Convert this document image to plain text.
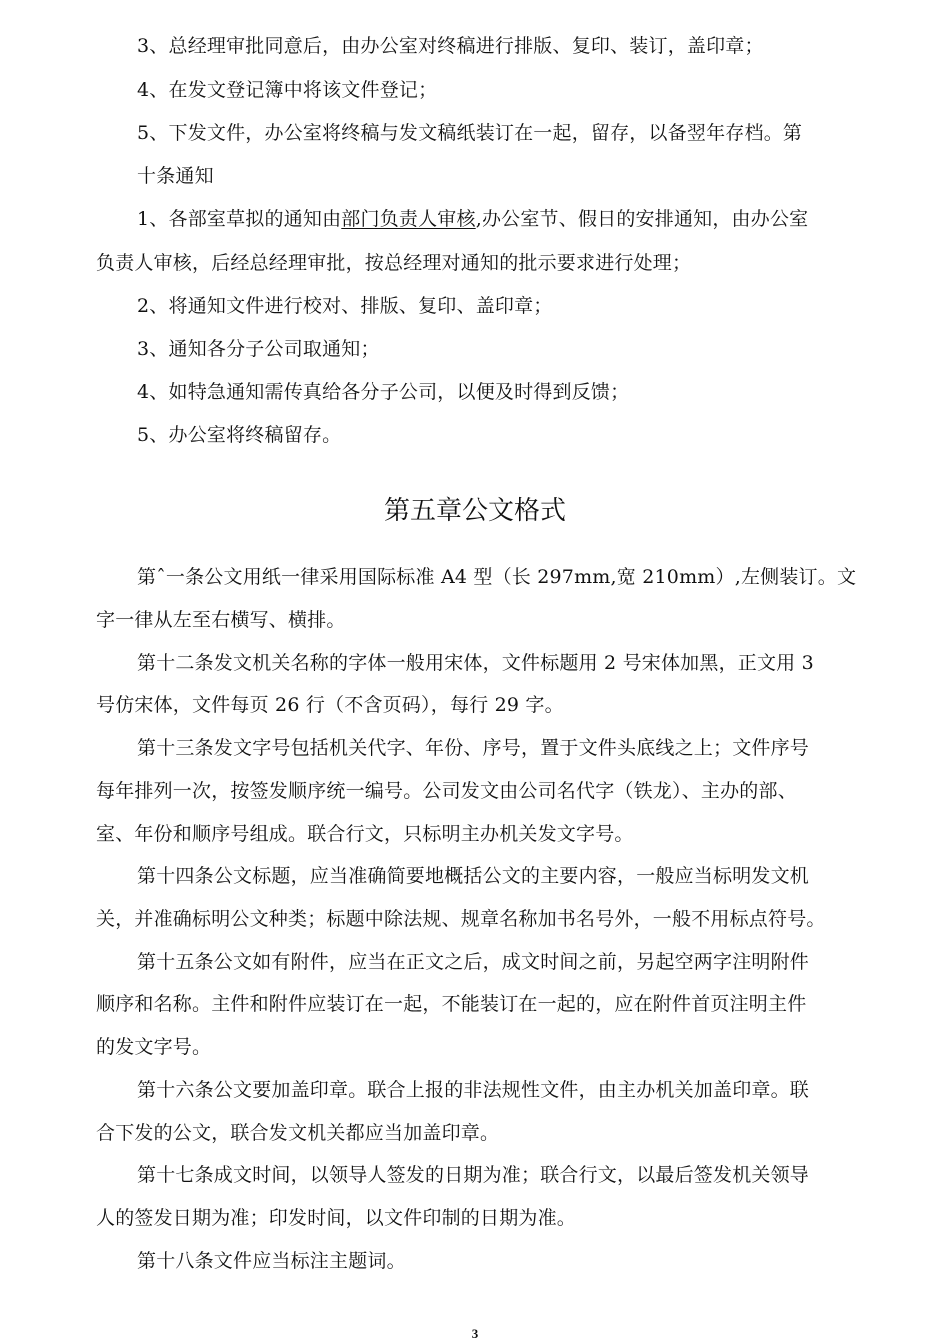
3、总经理审批同意后，由办公室对终稿进行排版、复印、装订，盖印章；
4、在发文登记簿中将该文件登记；
5、下发文件，办公室将终稿与发文稿纸装订在一起，留存，以备翌年存档。第
十条通知
1、各部室草拟的通知由部门负责人审核,办公室节、假日的安排通知，由办公室
负责人审核，后经总经理审批，按总经理对通知的批示要求进行处理；
2、将通知文件进行校对、排版、复印、盖印章；
3、通知各分子公司取通知；
4、如特急通知需传真给各分子公司，以便及时得到反馈；
5、办公室将终稿留存。
第五章公文格式
第ˆ一条公文用纸一律采用国际标准 A4 型（长 297mm,宽 210mm）,左侧装订。文
字一律从左至右横写、横排。
第十二条发文机关名称的字体一般用宋体，文件标题用 2 号宋体加黑，正文用 3
号仿宋体，文件每页 26 行（不含页码），每行 29 字。
第十三条发文字号包括机关代字、年份、序号，置于文件头底线之上；文件序号
每年排列一次，按签发顺序统一编号。公司发文由公司名代字（铁龙）、主办的部、
室、年份和顺序号组成。联合行文，只标明主办机关发文字号。
第十四条公文标题，应当准确简要地概括公文的主要内容，一般应当标明发文机
关，并准确标明公文种类；标题中除法规、规章名称加书名号外，一般不用标点符号。
第十五条公文如有附件，应当在正文之后，成文时间之前，另起空两字注明附件
顺序和名称。主件和附件应装订在一起，不能装订在一起的，应在附件首页注明主件
的发文字号。
第十六条公文要加盖印章。联合上报的非法规性文件，由主办机关加盖印章。联
合下发的公文，联合发文机关都应当加盖印章。
第十七条成文时间，以领导人签发的日期为准；联合行文，以最后签发机关领导
人的签发日期为准；印发时间，以文件印制的日期为准。
第十八条文件应当标注主题词。
3
